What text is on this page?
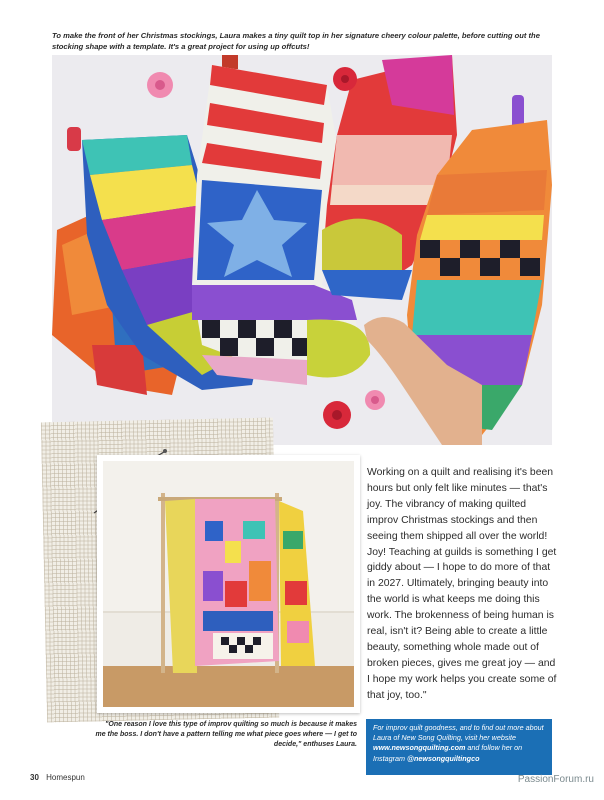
To make the front of her Christmas stockings, Laura makes a tiny quilt top in her signature cheery colour palette, before cutting out the stocking shape with a template. It's a great project for using up offcuts!
"One reason I love this type of improv quilting so much is because it makes me the boss. I don't have a pattern telling me what piece goes where — I get to decide," enthuses Laura.
Working on a quilt and realising it's been hours but only felt like minutes — that's joy. The vibrancy of making quilted improv Christmas stockings and then seeing them shipped all over the world! Joy! Teaching at guilds is something I get giddy about — I hope to do more of that in 2027. Ultimately, bringing beauty into the world is what keeps me doing this work. The brokenness of being human is real, isn't it? Being able to create a little beauty, something whole made out of broken pieces, gives me great joy — and I hope my work helps you create some of that joy, too."
For improv quilt goodness, and to find out more about Laura of New Song Quilting, visit her website www.newsongquilting.com and follow her on Instagram @newsongquiltingco
30 Homespun	PassionForum.ru
